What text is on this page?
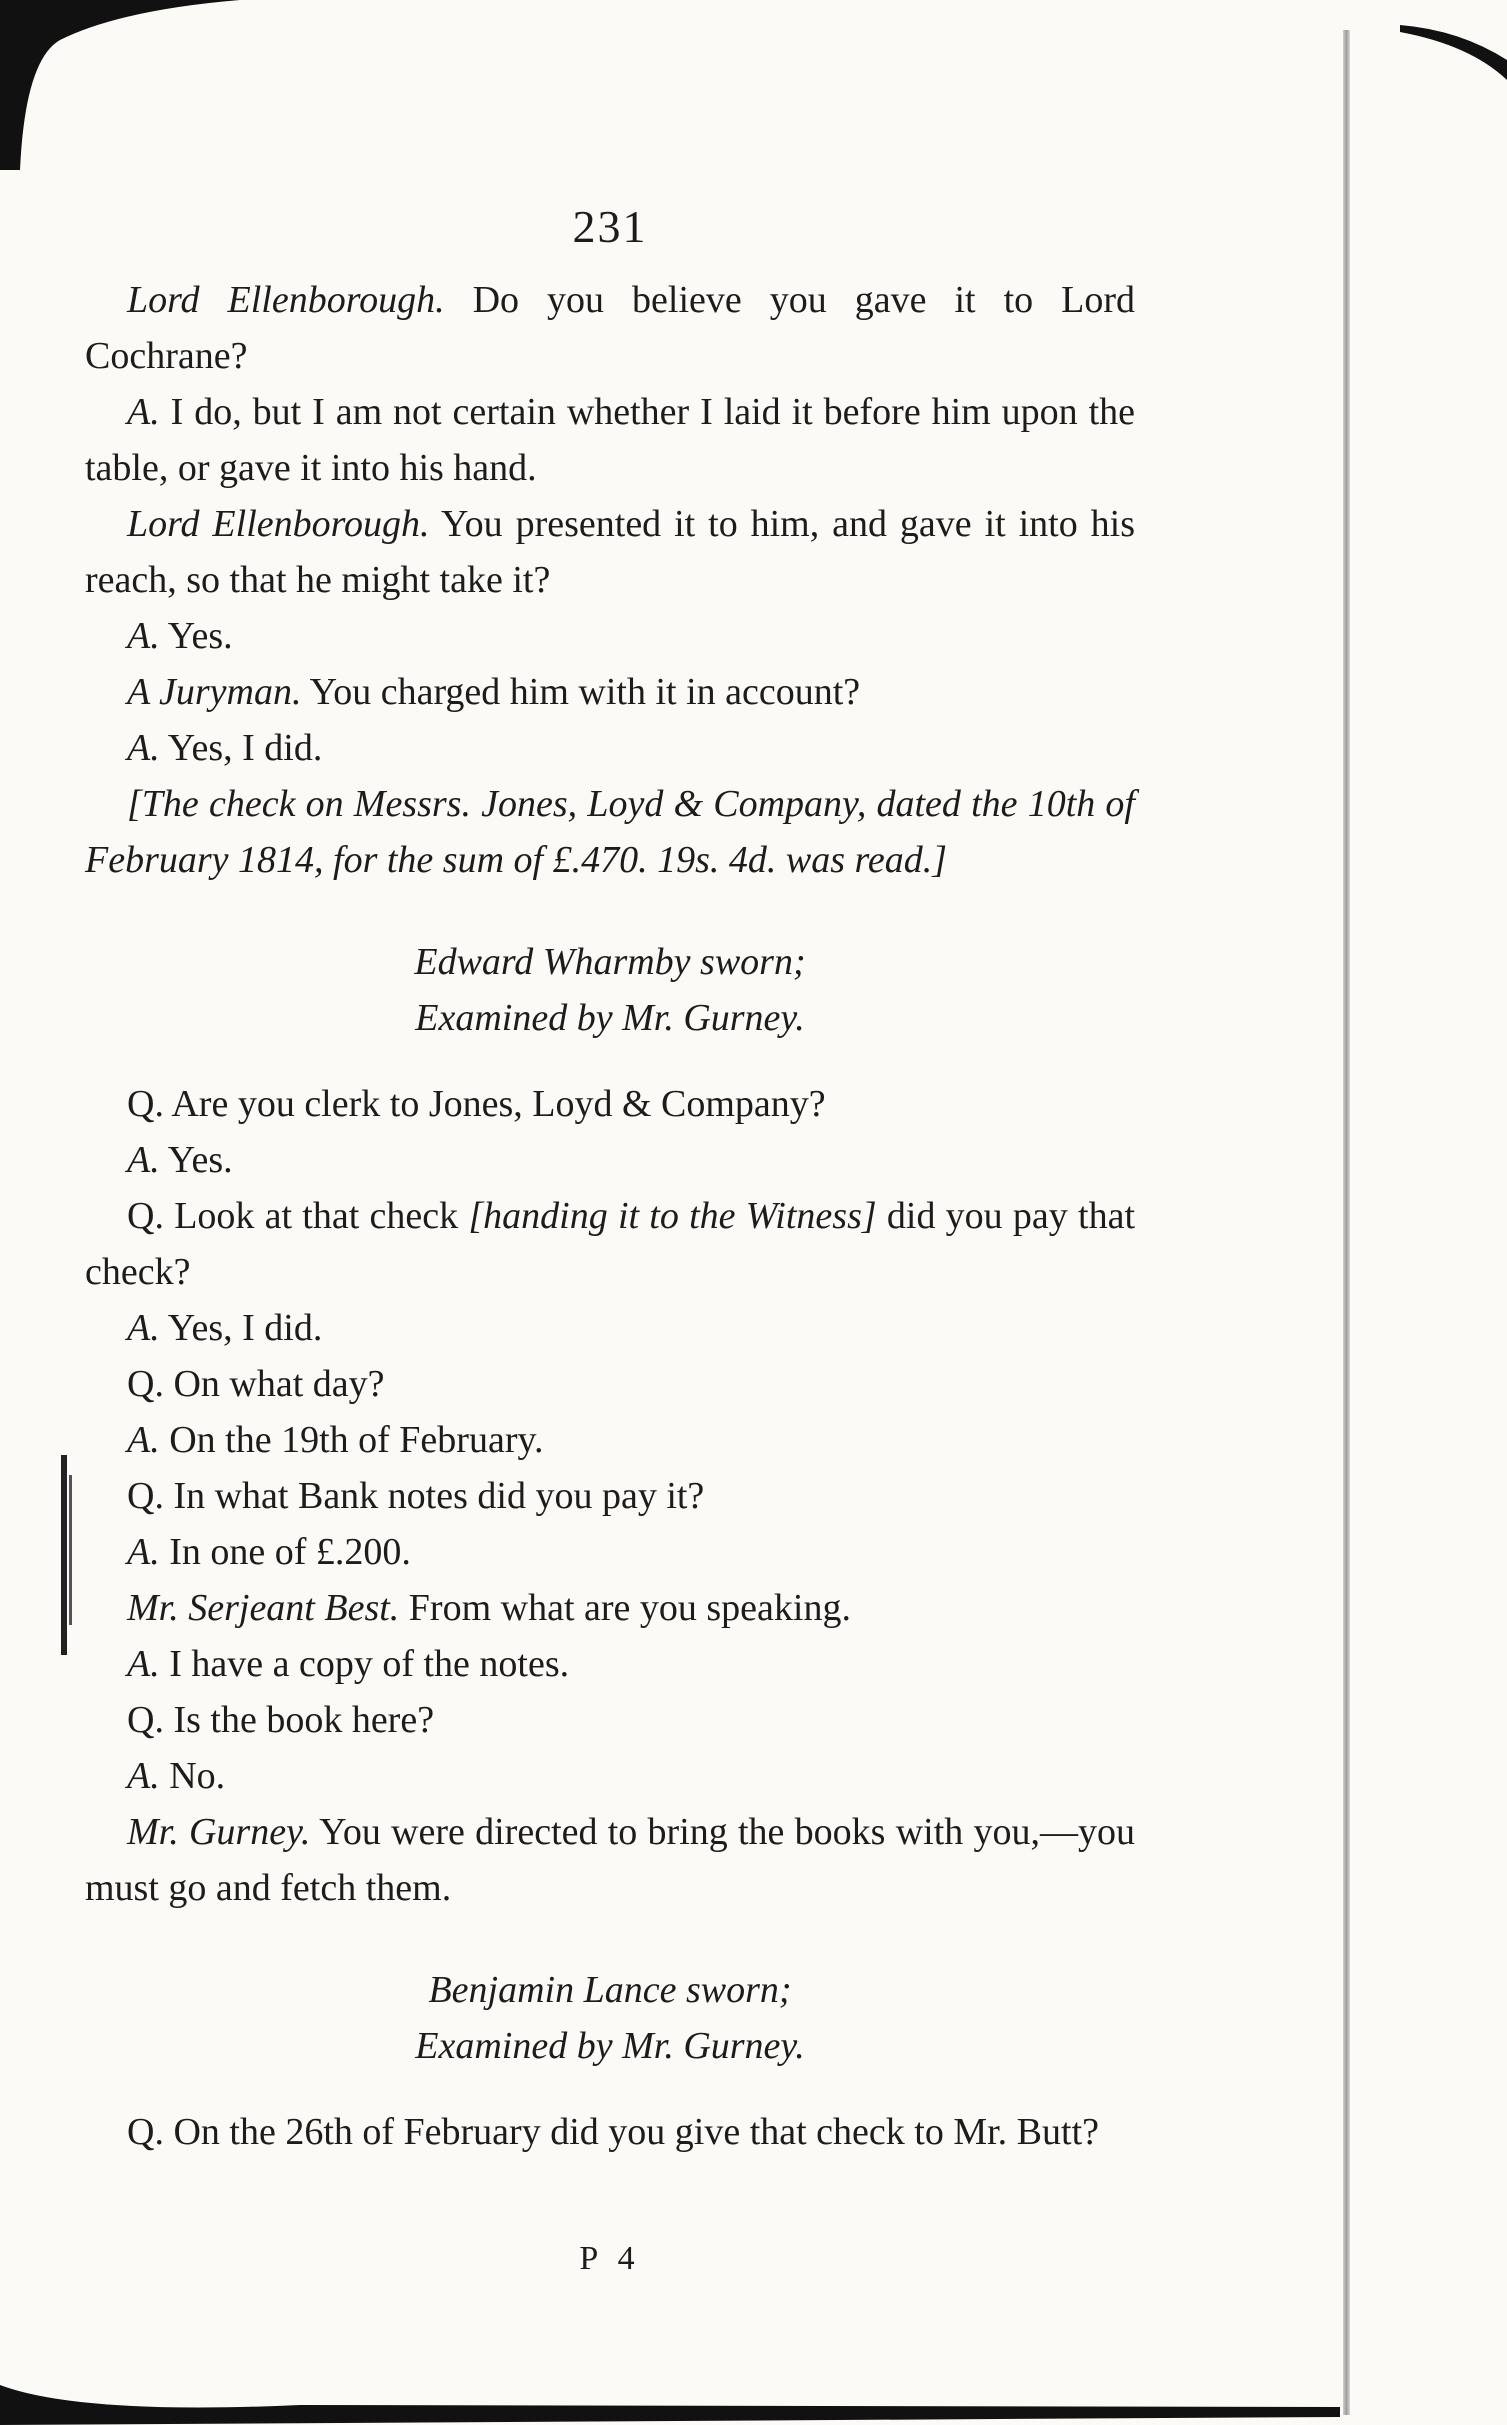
231

Lord Ellenborough. Do you believe you gave it to Lord Cochrane?

A. I do, but I am not certain whether I laid it before him upon the table, or gave it into his hand.

Lord Ellenborough. You presented it to him, and gave it into his reach, so that he might take it?

A. Yes.

A Juryman. You charged him with it in account?

A. Yes, I did.

[The check on Messrs. Jones, Loyd & Company, dated the 10th of February 1814, for the sum of £.470. 19s. 4d. was read.]

Edward Wharmby sworn;

Examined by Mr. Gurney.

Q. Are you clerk to Jones, Loyd & Company?

A. Yes.

Q. Look at that check [handing it to the Witness] did you pay that check?

A. Yes, I did.

Q. On what day?

A. On the 19th of February.

Q. In what Bank notes did you pay it?

A. In one of £.200.

Mr. Serjeant Best. From what are you speaking.

A. I have a copy of the notes.

Q. Is the book here?

A. No.

Mr. Gurney. You were directed to bring the books with you,—you must go and fetch them.

Benjamin Lance sworn;

Examined by Mr. Gurney.

Q. On the 26th of February did you give that check to Mr. Butt?

P 4
